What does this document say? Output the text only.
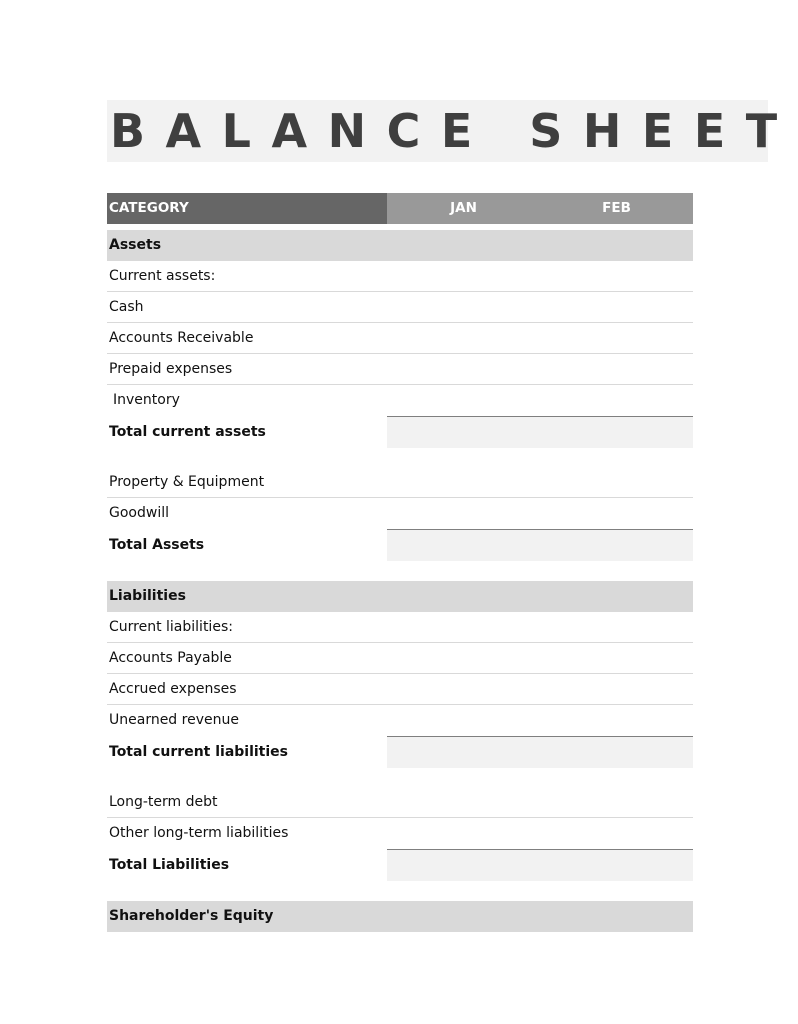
BALANCE SHEET
CATEGORY	JAN	FEB
Assets
Current assets:
Cash
Accounts Receivable
Prepaid expenses
Inventory
Total current assets
Property & Equipment
Goodwill
Total Assets
Liabilities
Current liabilities:
Accounts Payable
Accrued expenses
Unearned revenue
Total current liabilities
Long-term debt
Other long-term liabilities
Total Liabilities
Shareholder's Equity
